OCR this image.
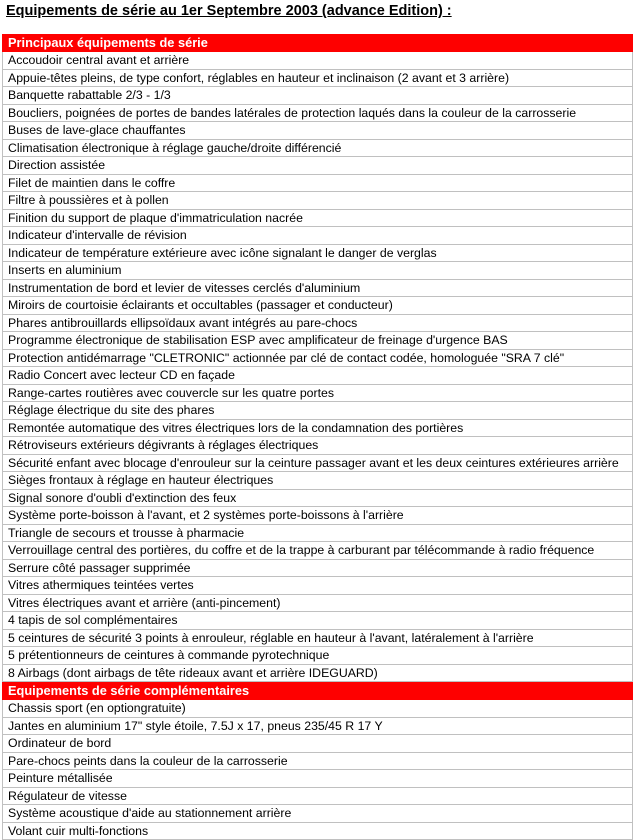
Equipements de série au 1er Septembre 2003 (advance Edition) :
Principaux équipements de série
Accoudoir central avant et arrière
Appuie-têtes pleins, de type confort, réglables en hauteur et inclinaison (2 avant et 3 arrière)
Banquette rabattable 2/3 - 1/3
Boucliers, poignées de portes de bandes latérales de protection laqués dans la couleur de la carrosserie
Buses de lave-glace chauffantes
Climatisation électronique à réglage gauche/droite différencié
Direction assistée
Filet de maintien dans le coffre
Filtre à poussières et à pollen
Finition du support de plaque d'immatriculation nacrée
Indicateur d'intervalle de révision
Indicateur de température extérieure avec icône signalant le danger de verglas
Inserts en aluminium
Instrumentation de bord et levier de vitesses cerclés d'aluminium
Miroirs de courtoisie éclairants et occultables (passager et conducteur)
Phares antibrouillards ellipsoïdaux avant intégrés au pare-chocs
Programme électronique de stabilisation ESP avec amplificateur de freinage d'urgence BAS
Protection antidémarrage "CLETRONIC" actionnée par clé de contact codée, homologuée "SRA 7 clé"
Radio Concert avec lecteur CD en façade
Range-cartes routières avec couvercle sur les quatre portes
Réglage électrique du site des phares
Remontée automatique des vitres électriques lors de la condamnation des portières
Rétroviseurs extérieurs dégivrants à réglages électriques
Sécurité enfant avec blocage d'enrouleur sur la ceinture passager avant et les deux ceintures extérieures arrière
Sièges frontaux à réglage en hauteur électriques
Signal sonore d'oubli d'extinction des feux
Système porte-boisson à l'avant, et 2 systèmes porte-boissons à l'arrière
Triangle de secours et trousse à pharmacie
Verrouillage central des portières, du coffre et de la trappe à carburant par télécommande à radio fréquence
Serrure côté passager supprimée
Vitres athermiques teintées vertes
Vitres électriques avant et arrière (anti-pincement)
4 tapis de sol complémentaires
5 ceintures de sécurité 3 points à enrouleur, réglable en hauteur à l'avant, latéralement à l'arrière
5 prétentionneurs de ceintures à commande pyrotechnique
8 Airbags (dont airbags de tête rideaux avant et arrière IDEGUARD)
Equipements de série complémentaires
Chassis sport (en optiongratuite)
Jantes en aluminium 17" style étoile, 7.5J x 17, pneus 235/45 R 17 Y
Ordinateur de bord
Pare-chocs peints dans la couleur de la carrosserie
Peinture métallisée
Régulateur de vitesse
Système acoustique d'aide au stationnement arrière
Volant cuir multi-fonctions
